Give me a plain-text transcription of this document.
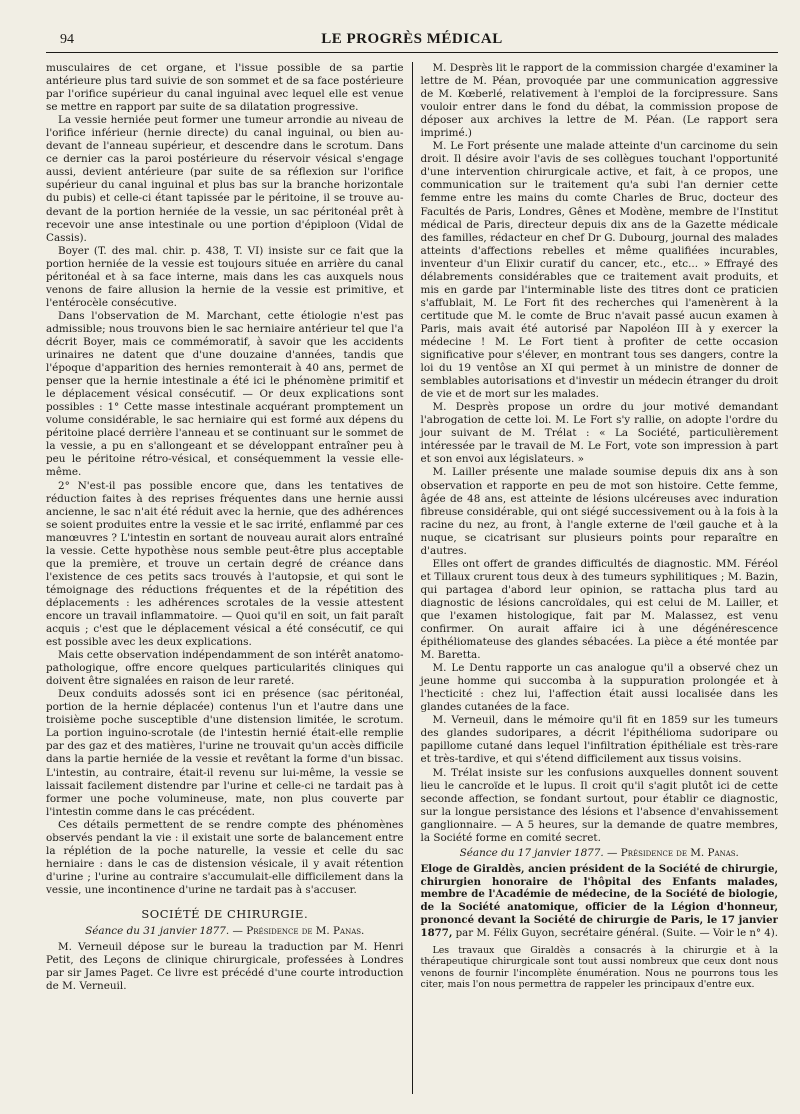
94	LE PROGRÈS MÉDICAL

musculaires de cet organe, et l'issue possible de sa partie antérieure plus tard suivie de son sommet et de sa face postérieure par l'orifice supérieur du canal inguinal avec lequel elle est venue se mettre en rapport par suite de sa dilatation progressive.

La vessie herniée peut former une tumeur arrondie au niveau de l'orifice inférieur (hernie directe) du canal inguinal, ou bien au-devant de l'anneau supérieur, et descendre dans le scrotum. Dans ce dernier cas la paroi postérieure du réservoir vésical s'engage aussi, devient antérieure (par suite de sa réflexion sur l'orifice supérieur du canal inguinal et plus bas sur la branche horizontale du pubis) et celle-ci étant tapissée par le péritoine, il se trouve au-devant de la portion herniée de la vessie, un sac péritonéal prêt à recevoir une anse intestinale ou une portion d'épiploon (Vidal de Cassis).

Boyer (T. des mal. chir. p. 438, T. VI) insiste sur ce fait que la portion herniée de la vessie est toujours située en arrière du canal péritonéal et à sa face interne, mais dans les cas auxquels nous venons de faire allusion la hernie de la vessie est primitive, et l'entérocèle consécutive.

Dans l'observation de M. Marchant, cette étiologie n'est pas admissible; nous trouvons bien le sac herniaire antérieur tel que l'a décrit Boyer, mais ce commémoratif, à savoir que les accidents urinaires ne datent que d'une douzaine d'années, tandis que l'époque d'apparition des hernies remonterait à 40 ans, permet de penser que la hernie intestinale a été ici le phénomène primitif et le déplacement vésical consécutif. — Or deux explications sont possibles : 1° Cette masse intestinale acquérant promptement un volume considérable, le sac herniaire qui est formé aux dépens du péritoine placé derrière l'anneau et se continuant sur le sommet de la vessie, a pu en s'allongeant et se développant entraîner peu à peu le péritoine rétro-vésical, et conséquemment la vessie elle-même.

2° N'est-il pas possible encore que, dans les tentatives de réduction faites à des reprises fréquentes dans une hernie aussi ancienne, le sac n'ait été réduit avec la hernie, que des adhérences se soient produites entre la vessie et le sac irrité, enflammé par ces manœuvres ? L'intestin en sortant de nouveau aurait alors entraîné la vessie. Cette hypothèse nous semble peut-être plus acceptable que la première, et trouve un certain degré de créance dans l'existence de ces petits sacs trouvés à l'autopsie, et qui sont le témoignage des réductions fréquentes et de la répétition des déplacements : les adhérences scrotales de la vessie attestent encore un travail inflammatoire. — Quoi qu'il en soit, un fait paraît acquis ; c'est que le déplacement vésical a été consécutif, ce qui est possible avec les deux explications.

Mais cette observation indépendamment de son intérêt anatomo-pathologique, offre encore quelques particularités cliniques qui doivent être signalées en raison de leur rareté.

Deux conduits adossés sont ici en présence (sac péritonéal, portion de la hernie déplacée) contenus l'un et l'autre dans une troisième poche susceptible d'une distension limitée, le scrotum. La portion inguino-scrotale (de l'intestin hernié était-elle remplie par des gaz et des matières, l'urine ne trouvait qu'un accès difficile dans la partie herniée de la vessie et revêtant la forme d'un bissac. L'intestin, au contraire, était-il revenu sur lui-même, la vessie se laissait facilement distendre par l'urine et celle-ci ne tardait pas à former une poche volumineuse, mate, non plus couverte par l'intestin comme dans le cas précédent.

Ces détails permettent de se rendre compte des phénomènes observés pendant la vie : il existait une sorte de balancement entre la réplétion de la poche naturelle, la vessie et celle du sac herniaire : dans le cas de distension vésicale, il y avait rétention d'urine ; l'urine au contraire s'accumulait-elle difficilement dans la vessie, une incontinence d'urine ne tardait pas à s'accuser.

SOCIÉTÉ DE CHIRURGIE.
Séance du 31 janvier 1877. — Présidence de M. Panas.

M. Verneuil dépose sur le bureau la traduction par M. Henri Petit, des Leçons de clinique chirurgicale, professées à Londres par sir James Paget. Ce livre est précédé d'une courte introduction de M. Verneuil.

M. Desprès lit le rapport de la commission chargée d'examiner la lettre de M. Péan, provoquée par une communication aggressive de M. Kœberlé, relativement à l'emploi de la forcipressure. Sans vouloir entrer dans le fond du débat, la commission propose de déposer aux archives la lettre de M. Péan. (Le rapport sera imprimé.)

M. Le Fort présente une malade atteinte d'un carcinome du sein droit. Il désire avoir l'avis de ses collègues touchant l'opportunité d'une intervention chirurgicale active, et fait, à ce propos, une communication sur le traitement qu'a subi l'an dernier cette femme entre les mains du comte Charles de Bruc, docteur des Facultés de Paris, Londres, Gênes et Modène, membre de l'Institut médical de Paris, directeur depuis dix ans de la Gazette médicale des familles, rédacteur en chef Dr G. Dubourg, journal des malades atteints d'affections rebelles et même qualifiées incurables, inventeur d'un Elixir curatif du cancer, etc., etc... » Effrayé des délabrements considérables que ce traitement avait produits, et mis en garde par l'interminable liste des titres dont ce praticien s'affublait, M. Le Fort fit des recherches qui l'amenèrent à la certitude que M. le comte de Bruc n'avait passé aucun examen à Paris, mais avait été autorisé par Napoléon III à y exercer la médecine ! M. Le Fort tient à profiter de cette occasion significative pour s'élever, en montrant tous ses dangers, contre la loi du 19 ventôse an XI qui permet à un ministre de donner de semblables autorisations et d'investir un médecin étranger du droit de vie et de mort sur les malades.

M. Desprès propose un ordre du jour motivé demandant l'abrogation de cette loi. M. Le Fort s'y rallie, on adopte l'ordre du jour suivant de M. Trélat : « La Société, particulièrement intéressée par le travail de M. Le Fort, vote son impression à part et son envoi aux législateurs. »

M. Lailler présente une malade soumise depuis dix ans à son observation et rapporte en peu de mot son histoire. Cette femme, âgée de 48 ans, est atteinte de lésions ulcéreuses avec induration fibreuse considérable, qui ont siégé successivement ou à la fois à la racine du nez, au front, à l'angle externe de l'œil gauche et à la nuque, se cicatrisant sur plusieurs points pour reparaître en d'autres.

Elles ont offert de grandes difficultés de diagnostic. MM. Féréol et Tillaux crurent tous deux à des tumeurs syphilitiques ; M. Bazin, qui partagea d'abord leur opinion, se rattacha plus tard au diagnostic de lésions cancroïdales, qui est celui de M. Lailler, et que l'examen histologique, fait par M. Malassez, est venu confirmer. On aurait affaire ici à une dégénérescence épithéliomateuse des glandes sébacées. La pièce a été montée par M. Baretta.

M. Le Dentu rapporte un cas analogue qu'il a observé chez un jeune homme qui succomba à la suppuration prolongée et à l'hecticité : chez lui, l'affection était aussi localisée dans les glandes cutanées de la face.

M. Verneuil, dans le mémoire qu'il fit en 1859 sur les tumeurs des glandes sudoripares, a décrit l'épithélioma sudoripare ou papillome cutané dans lequel l'infiltration épithéliale est très-rare et très-tardive, et qui s'étend difficilement aux tissus voisins.

M. Trélat insiste sur les confusions auxquelles donnent souvent lieu le cancroïde et le lupus. Il croit qu'il s'agit plutôt ici de cette seconde affection, se fondant surtout, pour établir ce diagnostic, sur la longue persistance des lésions et l'absence d'envahissement ganglionnaire. — A 5 heures, sur la demande de quatre membres, la Société forme en comité secret.

Séance du 17 janvier 1877. — Présidence de M. Panas.
Eloge de Giraldès, ancien président de la Société de chirurgie, chirurgien honoraire de l'hôpital des Enfants malades, membre de l'Académie de médecine, de la Société de biologie, de la Société anatomique, officier de la Légion d'honneur, prononcé devant la Société de chirurgie de Paris, le 17 janvier 1877, par M. Félix Guyon, secrétaire général. (Suite. — Voir le n° 4).

Les travaux que Giraldès a consacrés à la chirurgie et à la thérapeutique chirurgicale sont tout aussi nombreux que ceux dont nous venons de fournir l'incomplète énumération. Nous ne pourrons tous les citer, mais l'on nous permettra de rappeler les principaux d'entre eux.
